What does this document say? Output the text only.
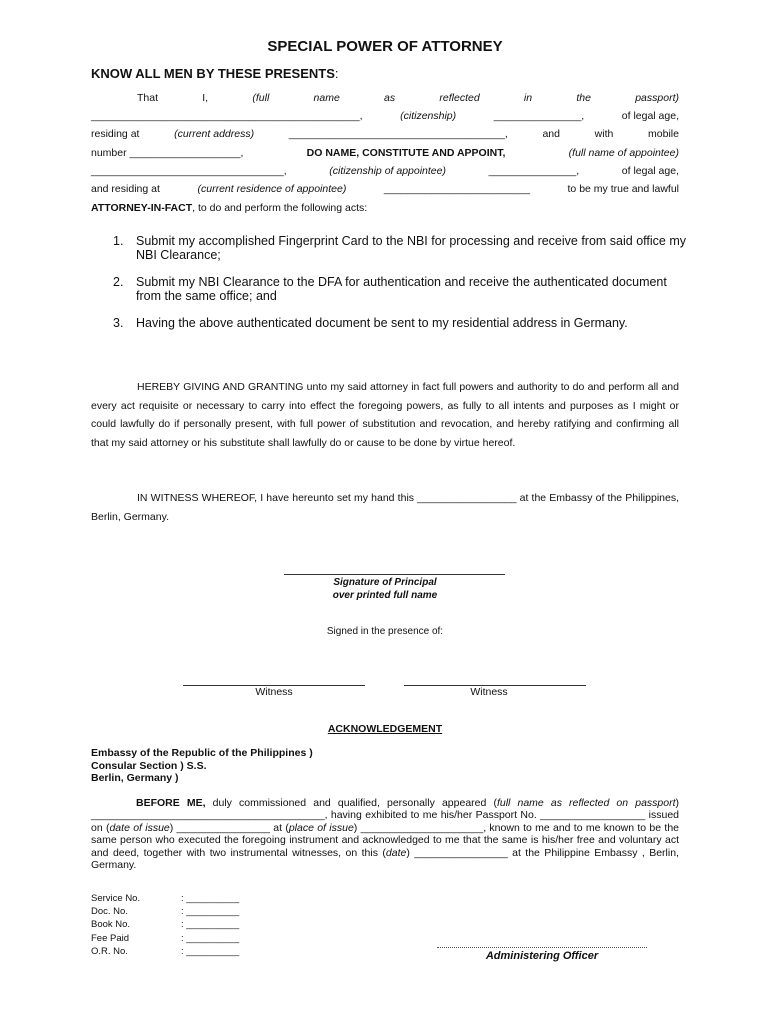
SPECIAL POWER OF ATTORNEY
KNOW ALL MEN BY THESE PRESENTS:
That	I,	(full	name	as	reflected	in	the	passport)
______________________________________________,	(citizenship)	_______________,	of legal age,
residing at	(current address)	_____________________________________,	and	with	mobile
number ___________________,	DO NAME, CONSTITUTE AND APPOINT,	(full name of appointee)
_________________________________,	(citizenship of appointee)	_______________,	of legal age,
and residing at	(current residence of appointee)	_________________________	to be my true and lawful
ATTORNEY-IN-FACT, to do and perform the following acts:
1. Submit my accomplished Fingerprint Card to the NBI for processing and receive from said office my NBI Clearance;
2. Submit my NBI Clearance to the DFA for authentication and receive the authenticated document from the same office; and
3. Having the above authenticated document be sent to my residential address in Germany.
HEREBY GIVING AND GRANTING unto my said attorney in fact full powers and authority to do and perform all and every act requisite or necessary to carry into effect the foregoing powers, as fully to all intents and purposes as I might or could lawfully do if personally present, with full power of substitution and revocation, and hereby ratifying and confirming all that my said attorney or his substitute shall lawfully do or cause to be done by virtue hereof.
IN WITNESS WHEREOF, I have hereunto set my hand this _________________ at the Embassy of the Philippines, Berlin, Germany.
Signature of Principal
over printed full name
Signed in the presence of:
Witness	Witness
ACKNOWLEDGEMENT
Embassy of the Republic of the Philippines )
Consular Section ) S.S.
Berlin, Germany )
BEFORE ME, duly commissioned and qualified, personally appeared (full name as reflected on passport) ________________________________________, having exhibited to me his/her Passport No. __________________ issued on (date of issue) ________________ at (place of issue) _____________________, known to me and to me known to be the same person who executed the foregoing instrument and acknowledged to me that the same is his/her free and voluntary act and deed, together with two instrumental witnesses, on this (date) ________________ at the Philippine Embassy , Berlin, Germany.
Service No.	: __________
Doc. No.	: __________
Book No.	: __________
Fee Paid	: __________
O.R. No.	: __________	Administering Officer
